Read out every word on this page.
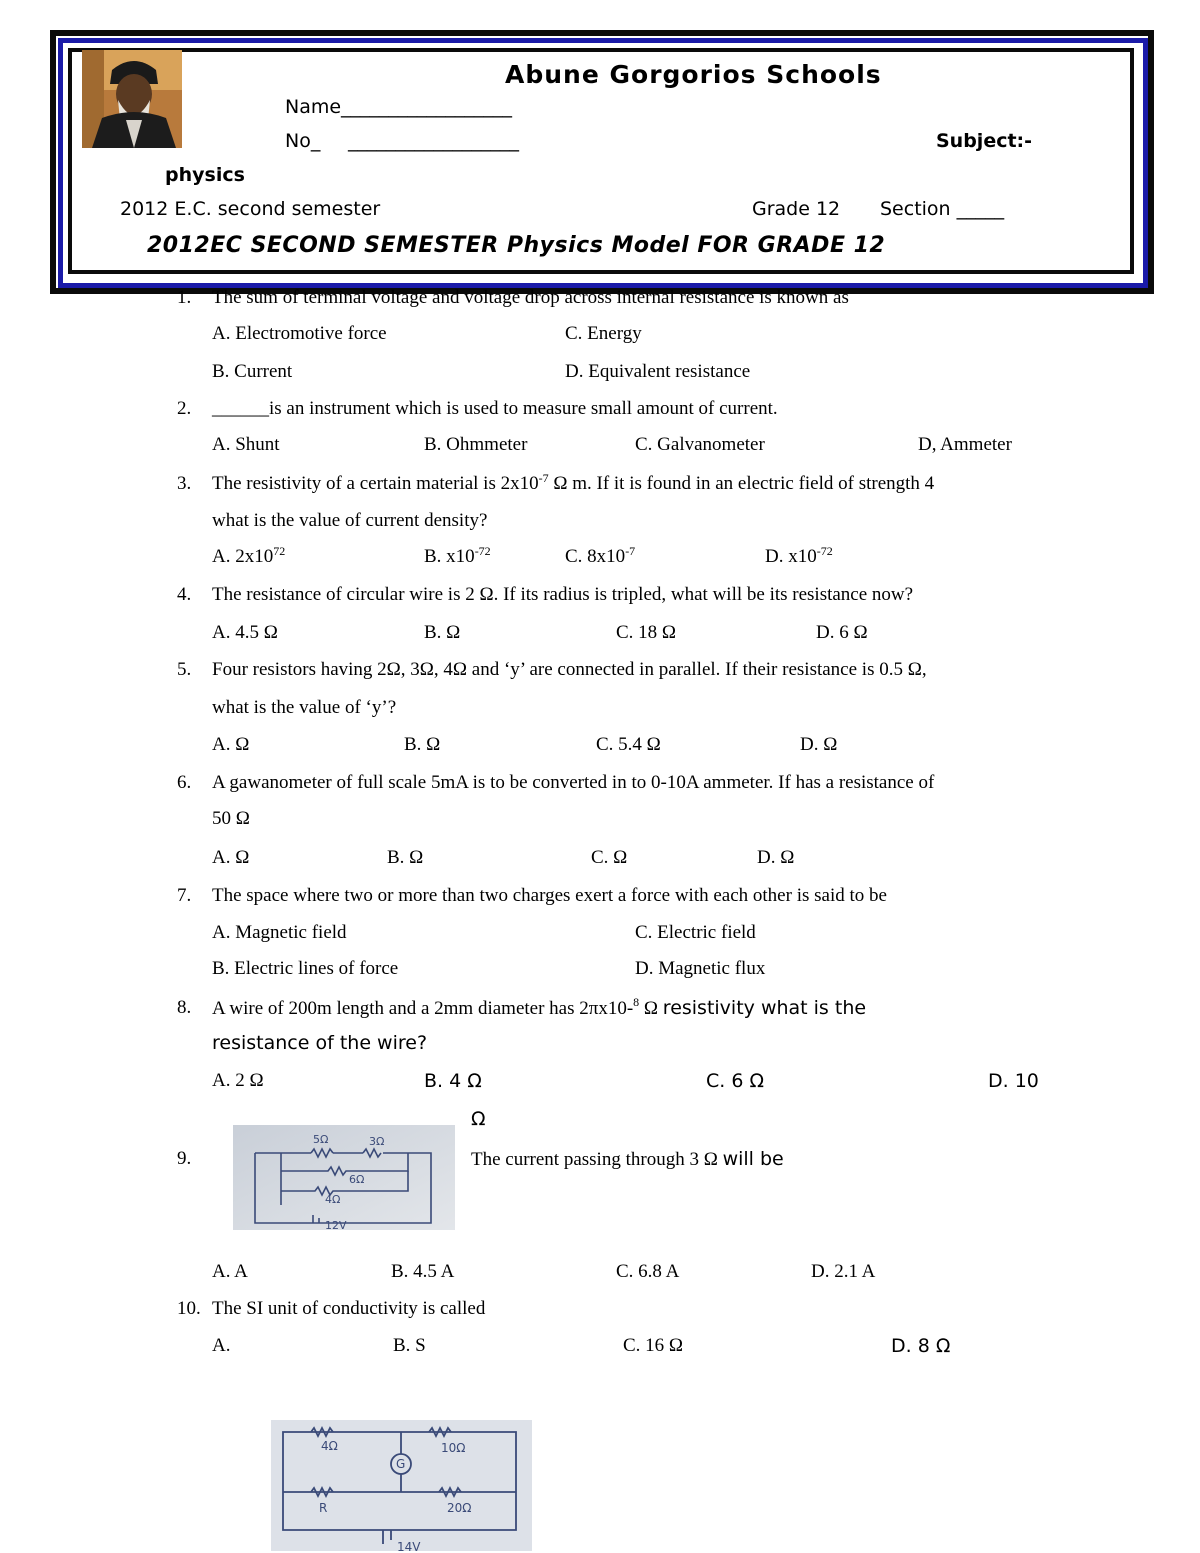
Abune Gorgorios Schools
Name__________________
No_ __________________	Subject:-
physics
2012 E.C. second semester	Grade 12 Section _____
2012EC SECOND SEMESTER Physics Model FOR GRADE 12
1. The sum of terminal voltage and voltage drop across internal resistance is known as
A. Electromotive force	C. Energy
B. Current	D. Equivalent resistance
2. ______is an instrument which is used to measure small amount of current.
A. Shunt	B. Ohmmeter	C. Galvanometer	D, Ammeter
3. The resistivity of a certain material is $2x10^{-7}$ Ω m. If it is found in an electric field of strength 4
what is the value of current density?
A. $2x10^{72}$	B. $x10^{-72}$	C. $8x10^{-7}$	D. $x10^{-72}$
4. The resistance of circular wire is 2 Ω. If its radius is tripled, what will be its resistance now?
A. 4.5 Ω	B. Ω	C. 18 Ω	D. 6 Ω
5. Four resistors having 2Ω, 3Ω, 4Ω and ‘y’ are connected in parallel. If their resistance is 0.5 Ω,
what is the value of ‘y’?
A. Ω	B. Ω	C. 5.4 Ω	D. Ω
6. A gawanometer of full scale 5mA is to be converted in to 0-10A ammeter. If has a resistance of
50 Ω
A. Ω	B. Ω	C. Ω	D. Ω
7. The space where two or more than two charges exert a force with each other is said to be
A. Magnetic field	C. Electric field
B. Electric lines of force	D. Magnetic flux
8. A wire of 200m length and a 2mm diameter has 2πx10-$^8$ Ω resistivity what is the
resistance of the wire?
A. 2 Ω	B. 4 Ω	C. 6 Ω	D. 10
Ω
9.
5Ω	3Ω
6Ω
4Ω
12V
The current passing through 3 Ω will be
A. A	B. 4.5 A	C. 6.8 A	D. 2.1 A
10. The SI unit of conductivity is called
A.	B. S	C. 16 Ω	D. 8 Ω
4Ω	10Ω
G
R	20Ω
14V
